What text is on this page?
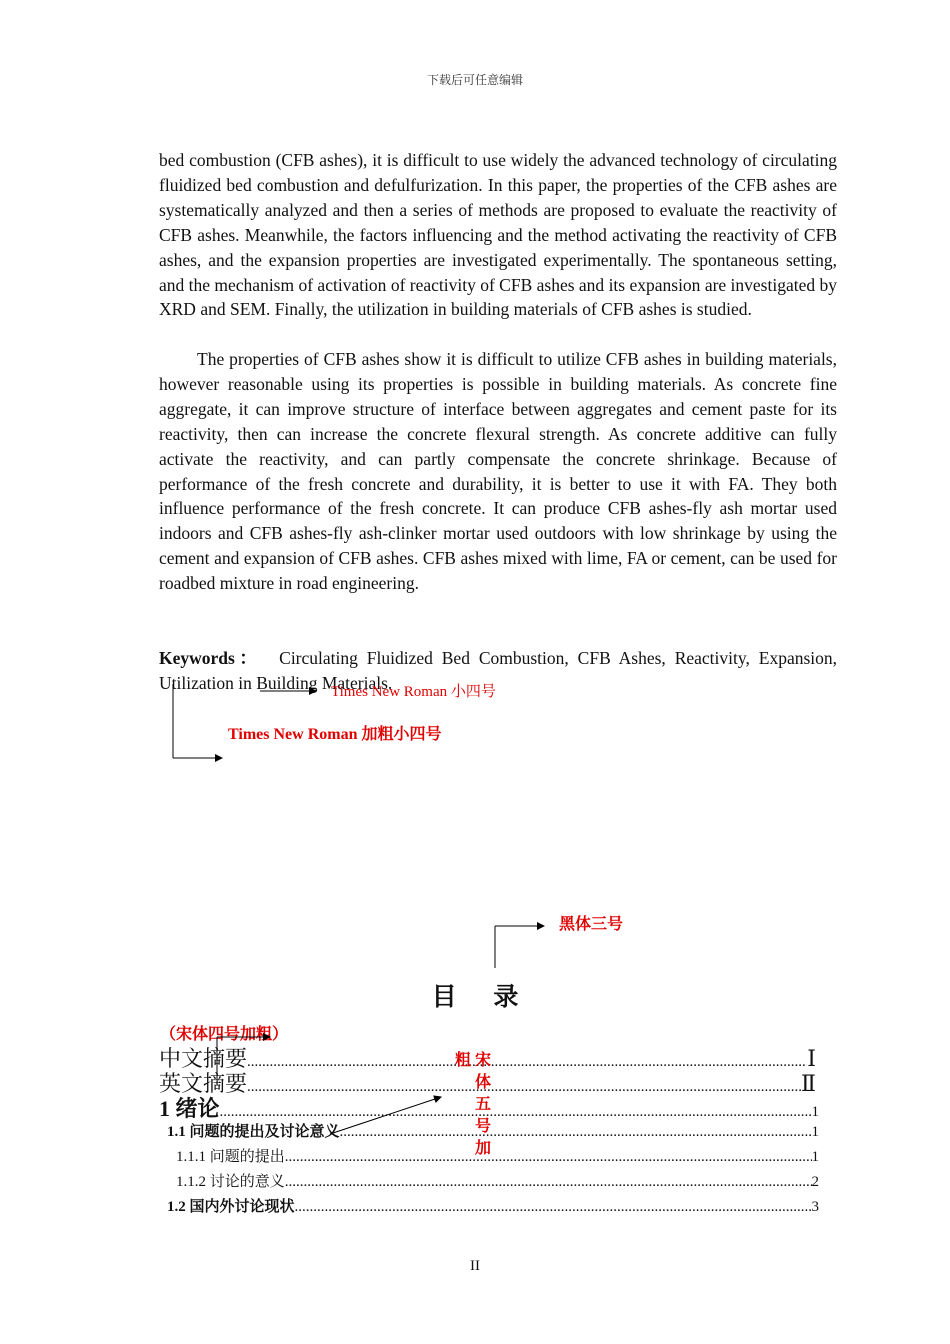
下载后可任意编辑
bed combustion (CFB ashes), it is difficult to use widely the advanced technology of circulating fluidized bed combustion and defulfurization. In this paper, the properties of the CFB ashes are systematically analyzed and then a series of methods are proposed to evaluate the reactivity of CFB ashes. Meanwhile, the factors influencing and the method activating the reactivity of CFB ashes, and the expansion properties are investigated experimentally. The spontaneous setting, and the mechanism of activation of reactivity of CFB ashes and its expansion are investigated by XRD and SEM. Finally, the utilization in building materials of CFB ashes is studied.
The properties of CFB ashes show it is difficult to utilize CFB ashes in building materials, however reasonable using its properties is possible in building materials. As concrete fine aggregate, it can improve structure of interface between aggregates and cement paste for its reactivity, then can increase the concrete flexural strength. As concrete additive can fully activate the reactivity, and can partly compensate the concrete shrinkage. Because of performance of the fresh concrete and durability, it is better to use it with FA. They both influence performance of the fresh concrete. It can produce CFB ashes-fly ash mortar used indoors and CFB ashes-fly ash-clinker mortar used outdoors with low shrinkage by using the cement and expansion of CFB ashes. CFB ashes mixed with lime, FA or cement, can be used for roadbed mixture in road engineering.
Keywords： Circulating Fluidized Bed Combustion, CFB Ashes, Reactivity, Expansion, Utilization in Building Materials.
Times New Roman 小四号
Times New Roman 加粗小四号
黑体三号
目 录
（宋体四号加粗）
中文摘要 .....	Ⅰ
英文摘要 .....	Ⅱ
1 绪论 .....	1
1.1 问题的提出及讨论意义 .....	1
1.1.1 问题的提出 .....	1
1.1.2 讨论的意义 .....	2
1.2 国内外讨论现状 .....	3
粗 宋
体
五
号
加
II
